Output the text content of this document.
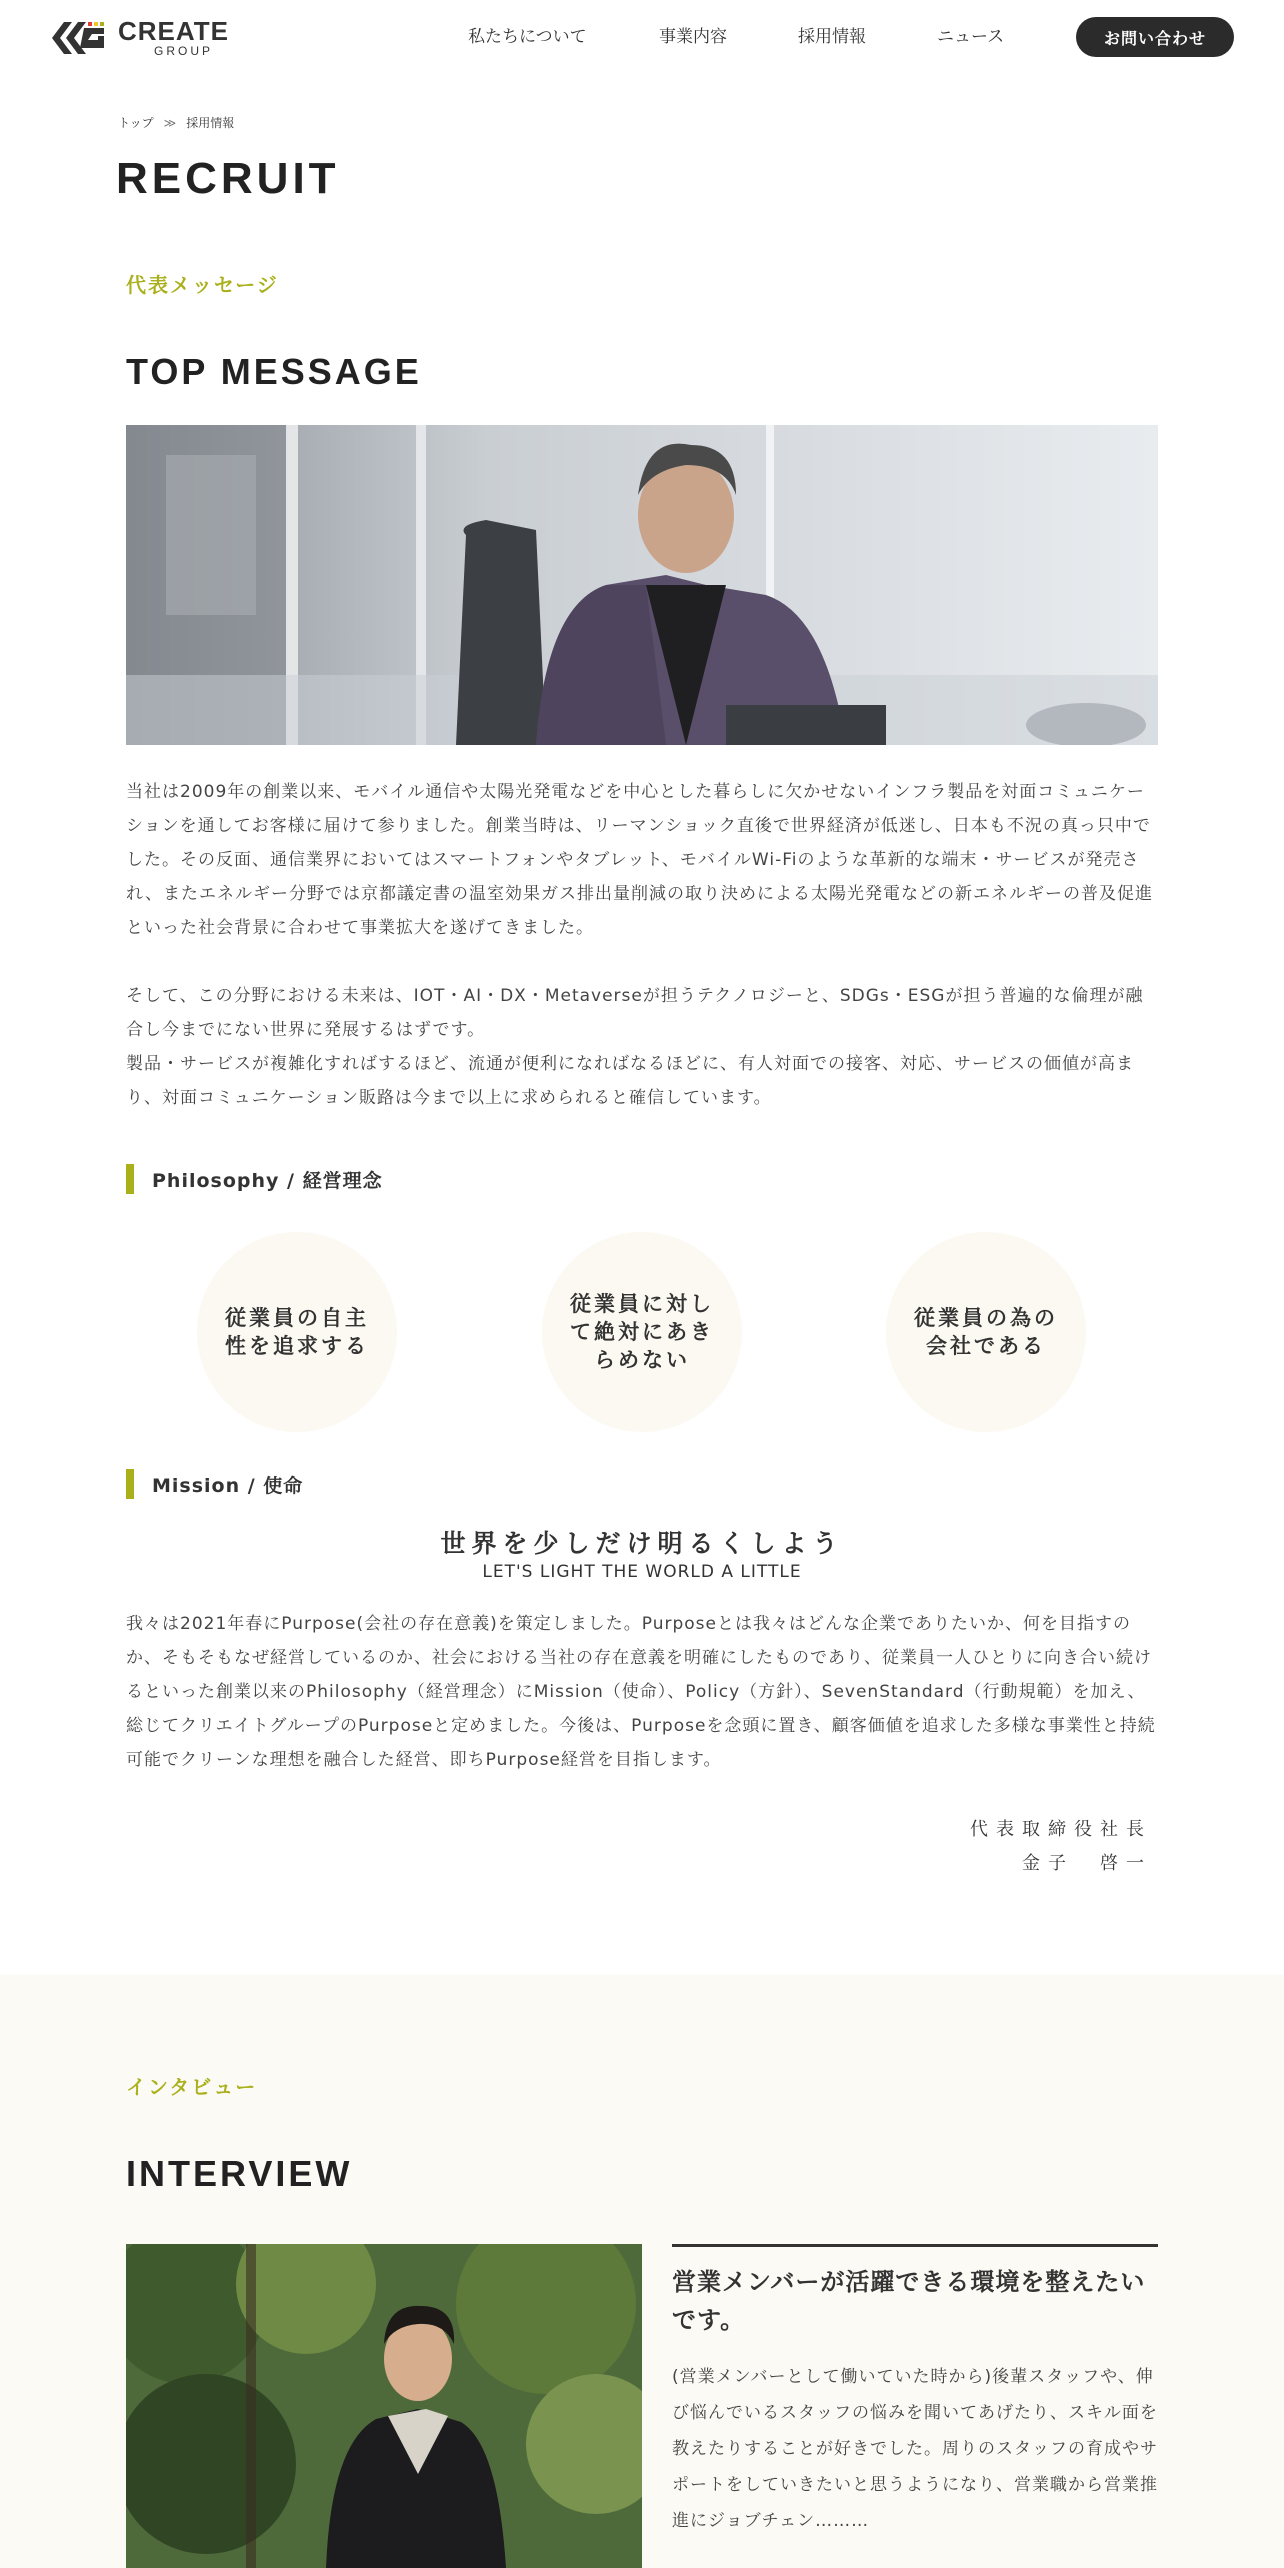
CREATE
GROUP
私たちについて	事業内容	採用情報	ニュース	お問い合わせ
トップ ≫ 採用情報
RECRUIT
代表メッセージ
TOP MESSAGE

当社は2009年の創業以来、モバイル通信や太陽光発電などを中心とした暮らしに欠かせないインフラ製品を対面コミュニケーションを通してお客様に届けて参りました。創業当時は、リーマンショック直後で世界経済が低迷し、日本も不況の真っ只中でした。その反面、通信業界においてはスマートフォンやタブレット、モバイルWi-Fiのような革新的な端末・サービスが発売され、またエネルギー分野では京都議定書の温室効果ガス排出量削減の取り決めによる太陽光発電などの新エネルギーの普及促進といった社会背景に合わせて事業拡大を遂げてきました。

そして、この分野における未来は、IOT・AI・DX・Metaverseが担うテクノロジーと、SDGs・ESGが担う普遍的な倫理が融合し今までにない世界に発展するはずです。

製品・サービスが複雑化すればするほど、流通が便利になればなるほどに、有人対面での接客、対応、サービスの価値が高まり、対面コミュニケーション販路は今まで以上に求められると確信しています。

Philosophy / 経営理念
従業員の自主性を追求する
従業員に対して絶対にあきらめない
従業員の為の会社である
Mission / 使命
世界を少しだけ明るくしよう
LET'S LIGHT THE WORLD A LITTLE
我々は2021年春にPurpose(会社の存在意義)を策定しました。Purposeとは我々はどんな企業でありたいか、何を目指すのか、そもそもなぜ経営しているのか、社会における当社の存在意義を明確にしたものであり、従業員一人ひとりに向き合い続けるといった創業以来のPhilosophy（経営理念）にMission（使命）、Policy（方針）、SevenStandard（行動規範）を加え、総じてクリエイトグループのPurposeと定めました。今後は、Purposeを念頭に置き、顧客価値を追求した多様な事業性と持続可能でクリーンな理想を融合した経営、即ちPurpose経営を目指します。
代表取締役社長
金子　啓一
インタビュー
INTERVIEW
営業メンバーが活躍できる環境を整えたいです。
(営業メンバーとして働いていた時から)後輩スタッフや、伸び悩んでいるスタッフの悩みを聞いてあげたり、スキル面を教えたりすることが好きでした。周りのスタッフの育成やサポートをしていきたいと思うようになり、営業職から営業推進にジョブチェン………
